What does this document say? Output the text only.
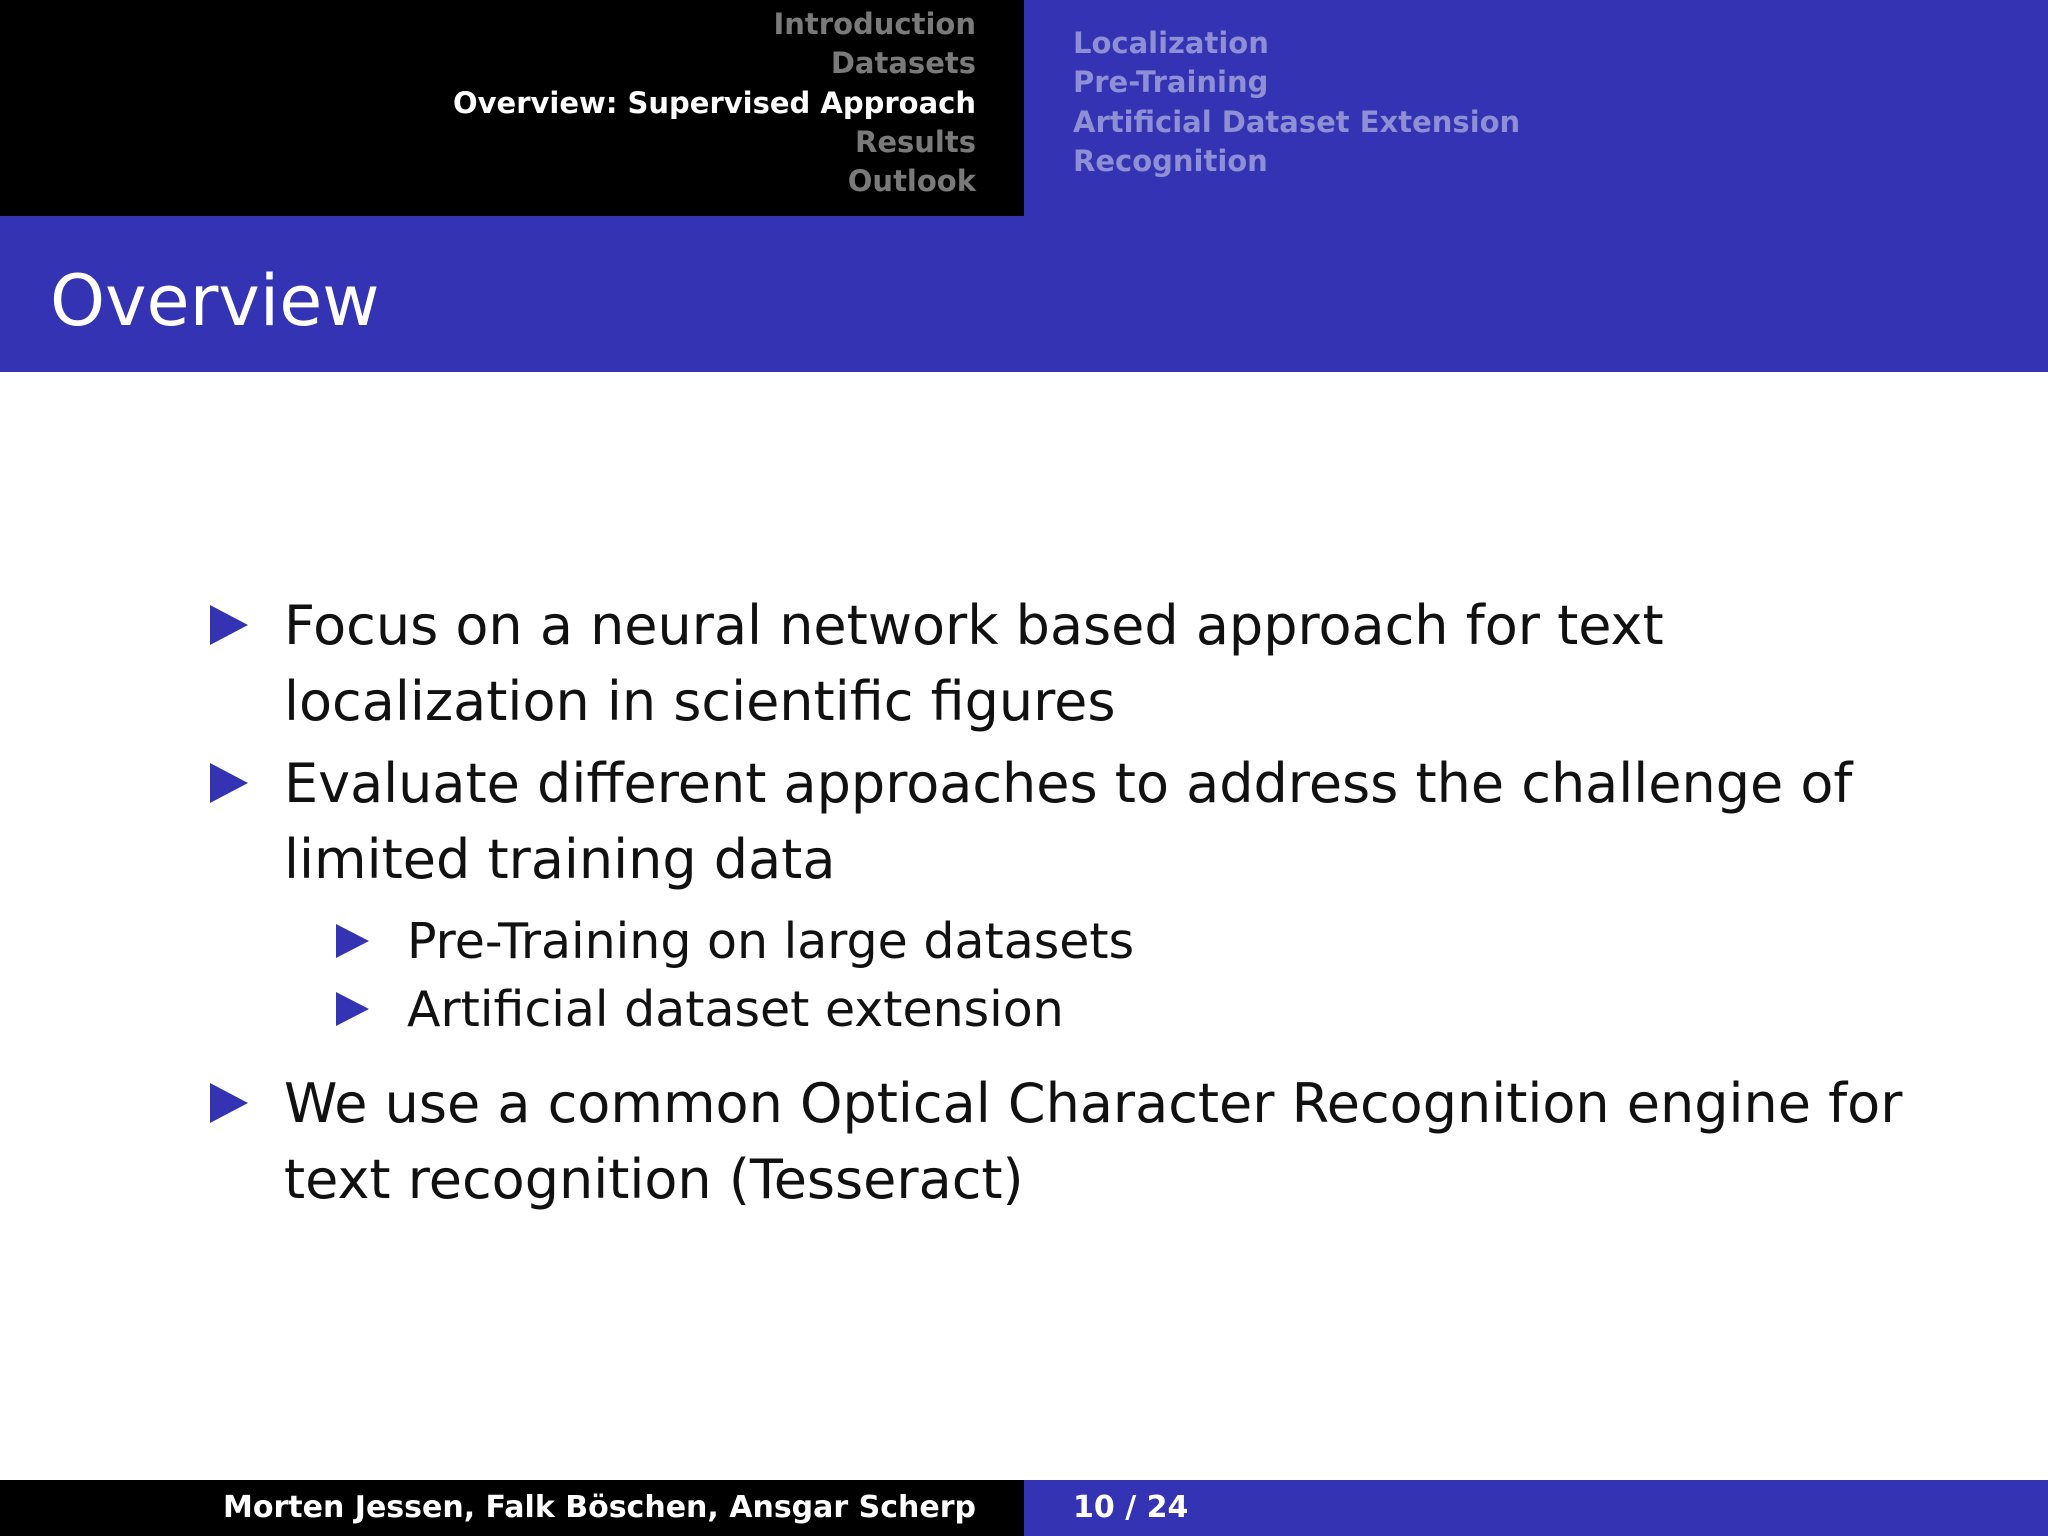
Introduction
Datasets
Overview: Supervised Approach
Results
Outlook
Localization
Pre-Training
Artificial Dataset Extension
Recognition
Overview
Focus on a neural network based approach for text localization in scientific figures
Evaluate different approaches to address the challenge of limited training data
Pre-Training on large datasets
Artificial dataset extension
We use a common Optical Character Recognition engine for text recognition (Tesseract)
Morten Jessen, Falk Böschen, Ansgar Scherp	10 / 24
